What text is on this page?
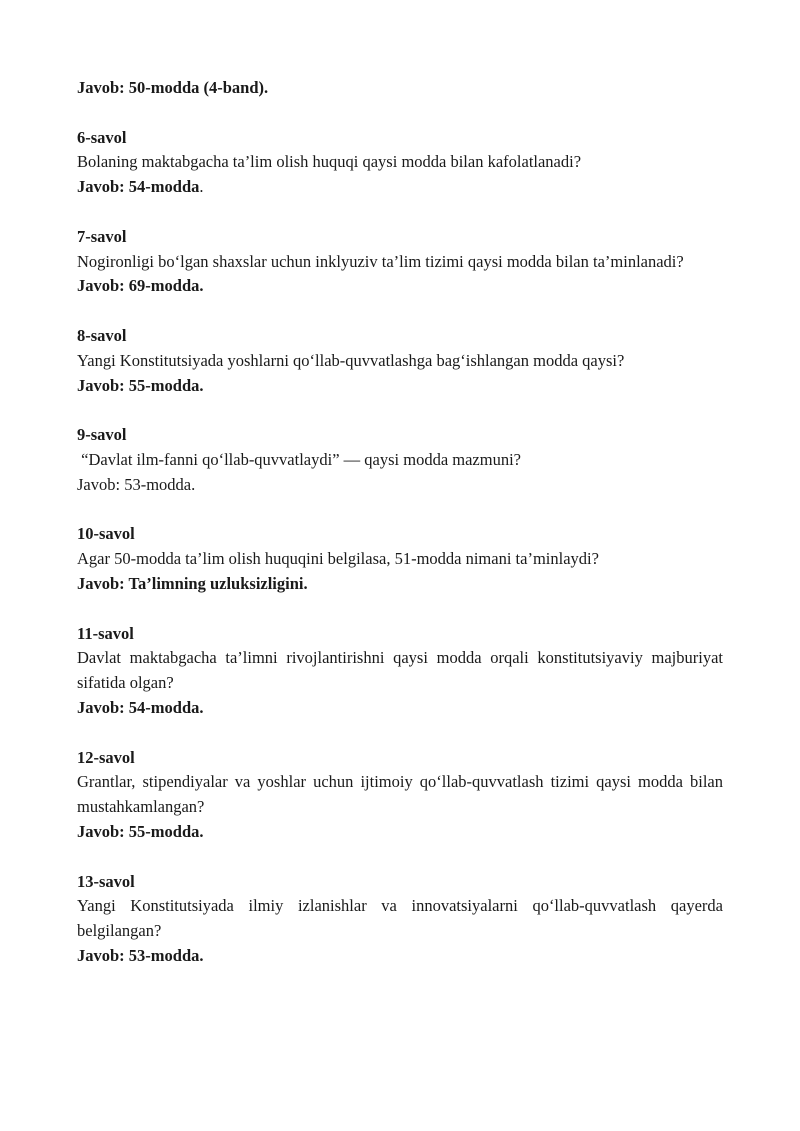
Javob: 50-modda (4-band).

6-savol

Bolaning maktabgacha ta’lim olish huquqi qaysi modda bilan kafolatlanadi?

Javob: 54-modda.

7-savol

Nogironligi bo‘lgan shaxslar uchun inklyuziv ta’lim tizimi qaysi modda bilan ta’minlanadi?

Javob: 69-modda.

8-savol

Yangi Konstitutsiyada yoshlarni qo‘llab-quvvatlashga bag‘ishlangan modda qaysi?

Javob: 55-modda.

9-savol

“Davlat ilm-fanni qo‘llab-quvvatlaydi” — qaysi modda mazmuni?

Javob: 53-modda.

10-savol

Agar 50-modda ta’lim olish huquqini belgilasa, 51-modda nimani ta’minlaydi?

Javob: Ta’limning uzluksizligini.

11-savol

Davlat maktabgacha ta’limni rivojlantirishni qaysi modda orqali konstitutsiyaviy majburiyat sifatida olgan?

Javob: 54-modda.

12-savol

Grantlar, stipendiyalar va yoshlar uchun ijtimoiy qo‘llab-quvvatlash tizimi qaysi modda bilan mustahkamlangan?

Javob: 55-modda.

13-savol

Yangi Konstitutsiyada ilmiy izlanishlar va innovatsiyalarni qo‘llab-quvvatlash qayerda belgilangan?

Javob: 53-modda.
